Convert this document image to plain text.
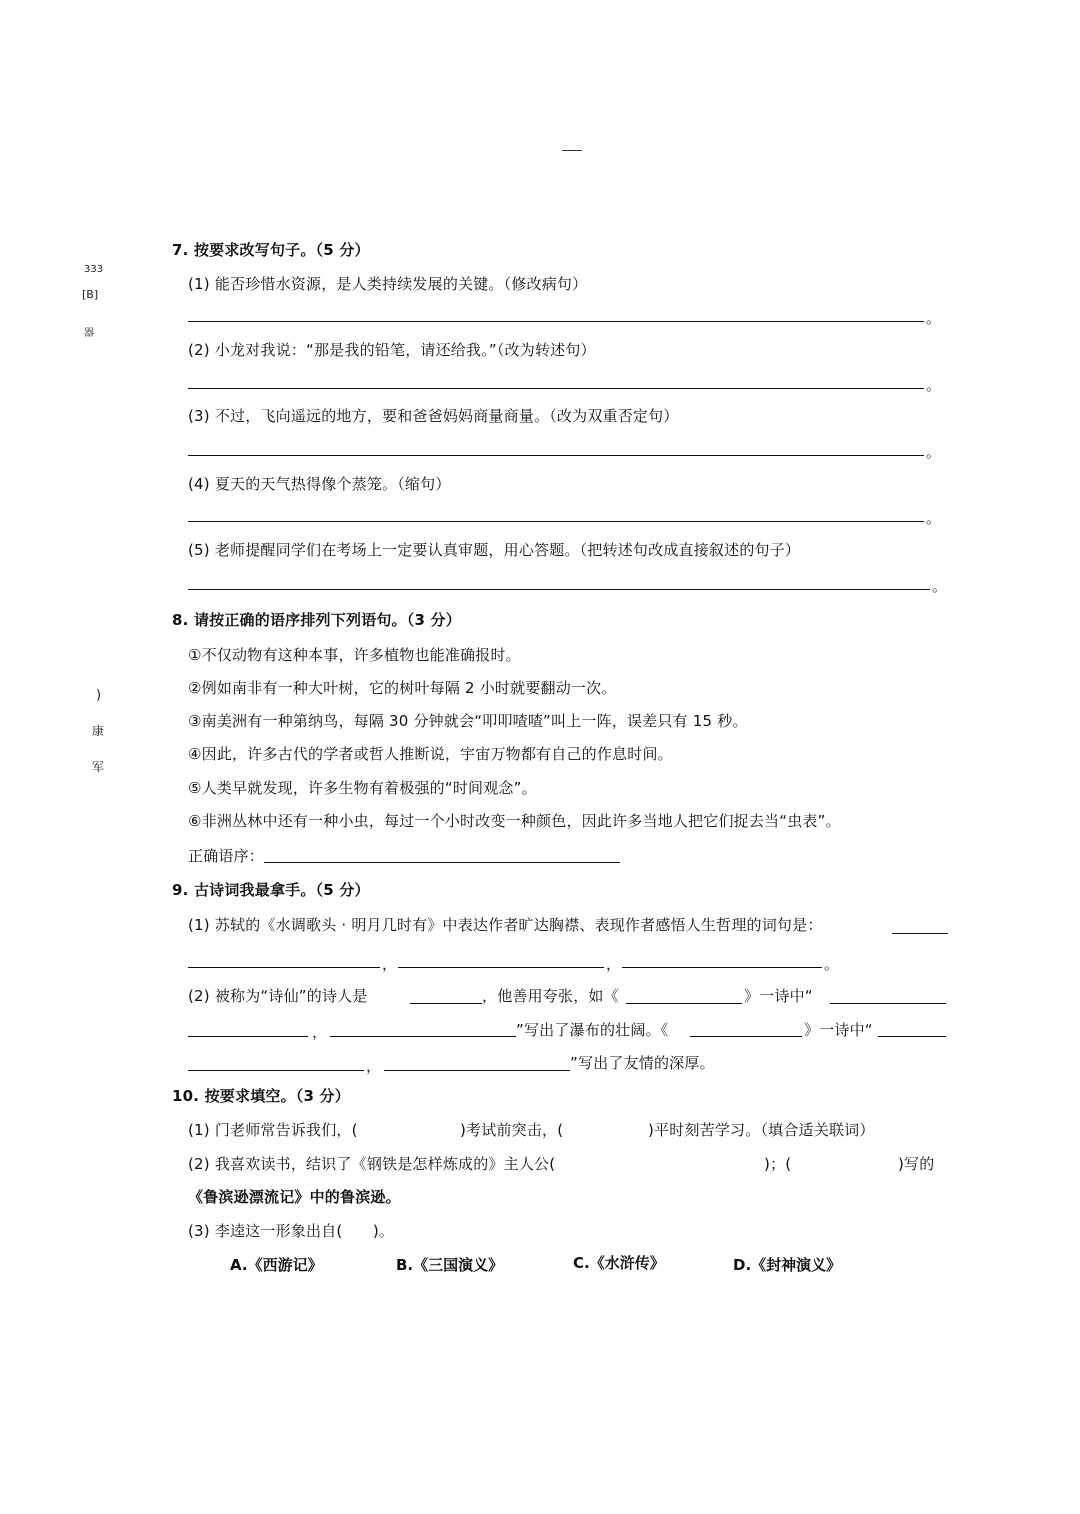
333
[B]
器
)
康
军
7. 按要求改写句子。（5 分）
(1) 能否珍惜水资源，是人类持续发展的关键。（修改病句）
。
(2) 小龙对我说：“那是我的铅笔，请还给我。”（改为转述句）
。
(3) 不过，飞向遥远的地方，要和爸爸妈妈商量商量。（改为双重否定句）
。
(4) 夏天的天气热得像个蒸笼。（缩句）
。
(5) 老师提醒同学们在考场上一定要认真审题，用心答题。（把转述句改成直接叙述的句子）
。
8. 请按正确的语序排列下列语句。（3 分）
①不仅动物有这种本事，许多植物也能准确报时。
②例如南非有一种大叶树，它的树叶每隔 2 小时就要翻动一次。
③南美洲有一种第纳鸟，每隔 30 分钟就会“叩叩喳喳”叫上一阵，误差只有 15 秒。
④因此，许多古代的学者或哲人推断说，宇宙万物都有自己的作息时间。
⑤人类早就发现，许多生物有着极强的“时间观念”。
⑥非洲丛林中还有一种小虫，每过一个小时改变一种颜色，因此许多当地人把它们捉去当“虫表”。
正确语序：
9. 古诗词我最拿手。（5 分）
(1) 苏轼的《水调歌头 · 明月几时有》中表达作者旷达胸襟、表现作者感悟人生哲理的词句是：
，	，	。
(2) 被称为“诗仙”的诗人是	，他善用夸张，如《	》一诗中“
，	”写出了瀑布的壮阔。《	》一诗中“
，	”写出了友情的深厚。
10. 按要求填空。（3 分）
(1) 门老师常告诉我们，(	)考试前突击，(	)平时刻苦学习。（填合适关联词）
(2) 我喜欢读书，结识了《钢铁是怎样炼成的》主人公(	)；(	)写的
《鲁滨逊漂流记》中的鲁滨逊。
(3) 李逵这一形象出自(　　)。
A.《西游记》	B.《三国演义》	C.《水浒传》	D.《封神演义》
